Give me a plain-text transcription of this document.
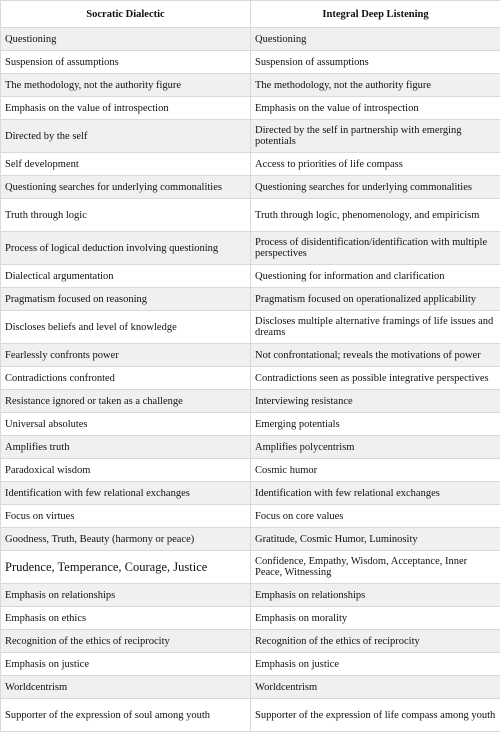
Socratic Dialectic	Integral Deep Listening
Questioning	Questioning
Suspension of assumptions	Suspension of assumptions
The methodology, not the authority figure	The methodology, not the authority figure
Emphasis on the value of introspection	Emphasis on the value of introspection
Directed by the self	Directed by the self in partnership with emerging potentials
Self development	Access to priorities of life compass
Questioning searches for underlying commonalities	Questioning searches for underlying commonalities
Truth through logic	Truth through logic, phenomenology, and empiricism
Process of logical deduction involving questioning	Process of disidentification/identification with multiple perspectives
Dialectical argumentation	Questioning for information and clarification
Pragmatism focused on reasoning	Pragmatism focused on operationalized applicability
Discloses beliefs and level of knowledge	Discloses multiple alternative framings of life issues and dreams
Fearlessly confronts power	Not confrontational; reveals the motivations of power
Contradictions confronted	Contradictions seen as possible integrative perspectives
Resistance ignored or taken as a challenge	Interviewing resistance
Universal absolutes	Emerging potentials
Amplifies truth	Amplifies polycentrism
Paradoxical wisdom	Cosmic humor
Identification with few relational exchanges	Identification with few relational exchanges
Focus on virtues	Focus on core values
Goodness, Truth, Beauty (harmony or peace)	Gratitude, Cosmic Humor, Luminosity
Prudence, Temperance, Courage, Justice	Confidence, Empathy, Wisdom, Acceptance, Inner Peace, Witnessing
Emphasis on relationships	Emphasis on relationships
Emphasis on ethics	Emphasis on morality
Recognition of the ethics of reciprocity	Recognition of the ethics of reciprocity
Emphasis on justice	Emphasis on justice
Worldcentrism	Worldcentrism
Supporter of the expression of soul among youth	Supporter of the expression of life compass among youth
